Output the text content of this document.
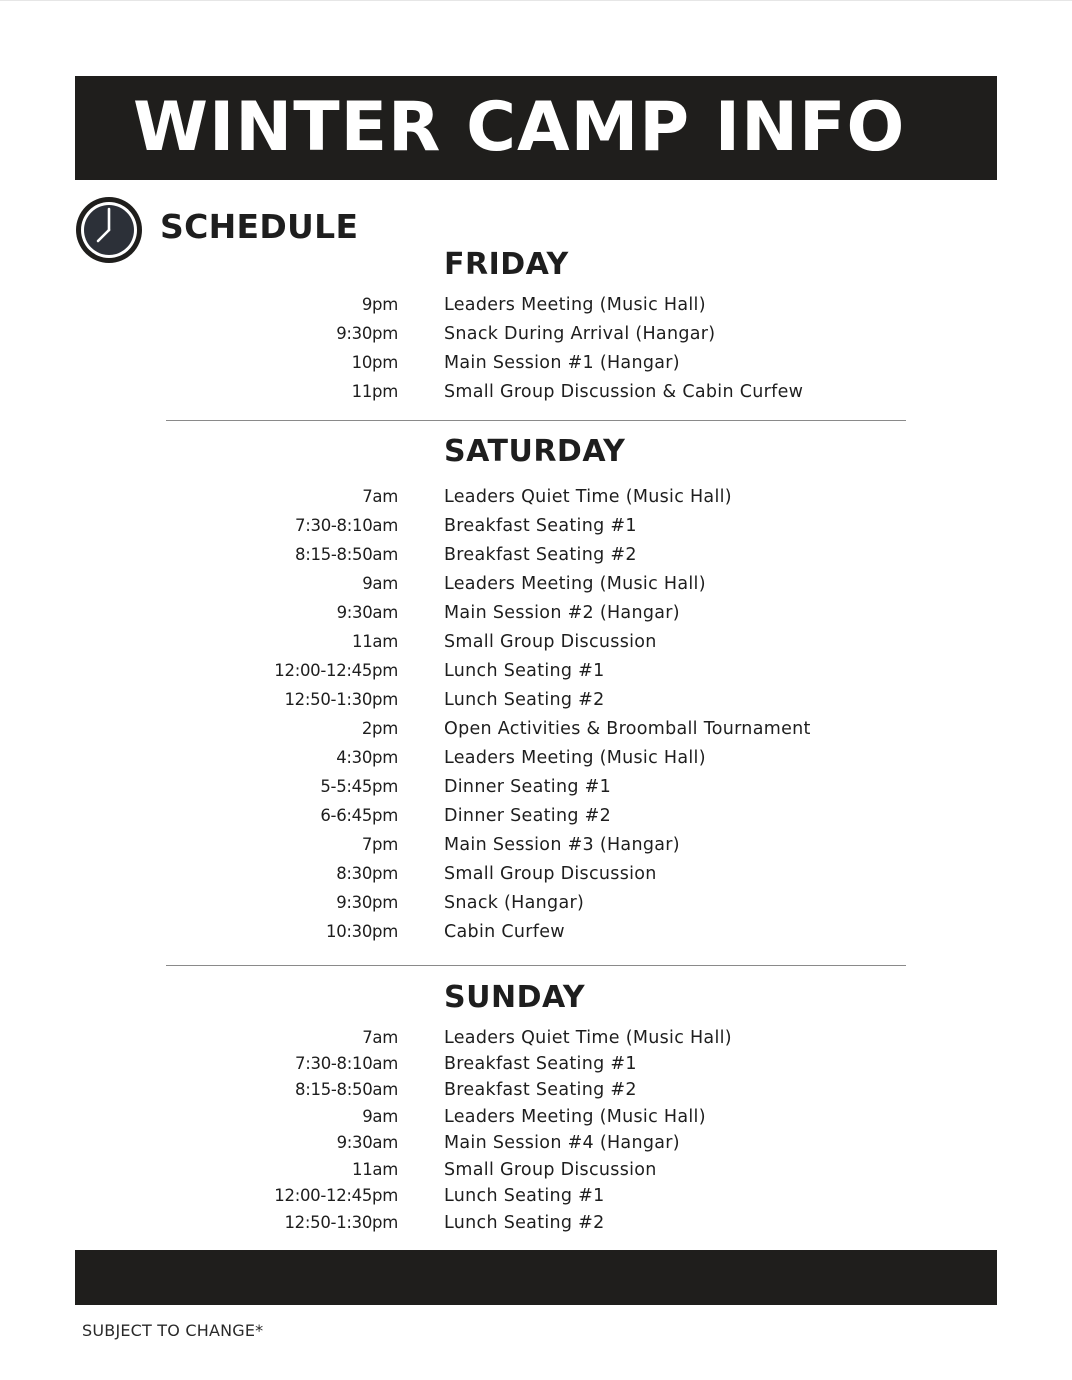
WINTER CAMP INFO
SCHEDULE
FRIDAY
9pm	Leaders Meeting (Music Hall)
9:30pm	Snack During Arrival (Hangar)
10pm	Main Session #1 (Hangar)
11pm	Small Group Discussion & Cabin Curfew
SATURDAY
7am	Leaders Quiet Time (Music Hall)
7:30-8:10am	Breakfast Seating #1
8:15-8:50am	Breakfast Seating #2
9am	Leaders Meeting (Music Hall)
9:30am	Main Session #2 (Hangar)
11am	Small Group Discussion
12:00-12:45pm	Lunch Seating #1
12:50-1:30pm	Lunch Seating #2
2pm	Open Activities & Broomball Tournament
4:30pm	Leaders Meeting (Music Hall)
5-5:45pm	Dinner Seating #1
6-6:45pm	Dinner Seating #2
7pm	Main Session #3 (Hangar)
8:30pm	Small Group Discussion
9:30pm	Snack (Hangar)
10:30pm	Cabin Curfew
SUNDAY
7am	Leaders Quiet Time (Music Hall)
7:30-8:10am	Breakfast Seating #1
8:15-8:50am	Breakfast Seating #2
9am	Leaders Meeting (Music Hall)
9:30am	Main Session #4 (Hangar)
11am	Small Group Discussion
12:00-12:45pm	Lunch Seating #1
12:50-1:30pm	Lunch Seating #2

SUBJECT TO CHANGE*
